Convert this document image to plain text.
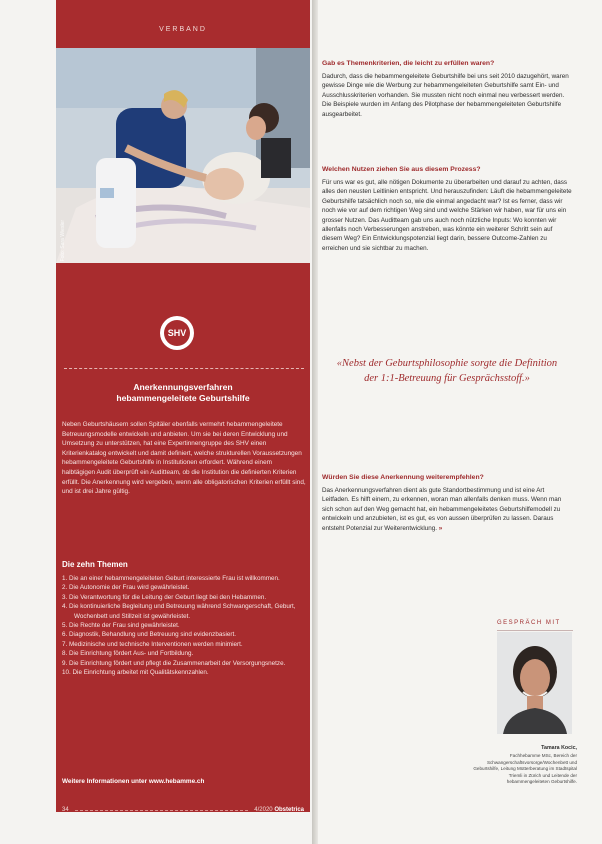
VERBAND
Foto: Sara Wiesler
SHV
Anerkennungsverfahren
hebammengeleitete Geburtshilfe
Neben Geburtshäusern sollen Spitäler ebenfalls vermehrt hebammengeleitete Betreuungsmodelle entwickeln und anbieten. Um sie bei deren Entwicklung und Umsetzung zu unterstützen, hat eine Expertinnengruppe des SHV einen Kriterienkatalog entwickelt und damit definiert, welche strukturellen Voraussetzungen hebammengeleitete Geburtshilfe in Institutionen erfordert. Während einem halbtägigen Audit überprüft ein Auditteam, ob die Institution die definierten Kriterien erfüllt. Die Anerkennung wird vergeben, wenn alle obligatorischen Kriterien erfüllt sind, und ist drei Jahre gültig.
Die zehn Themen
1. Die an einer hebammengeleiteten Geburt interessierte Frau ist willkommen.
2. Die Autonomie der Frau wird gewährleistet.
3. Die Verantwortung für die Leitung der Geburt liegt bei den Hebammen.
4. Die kontinuierliche Begleitung und Betreuung während Schwangerschaft, Geburt, Wochenbett und Stillzeit ist gewährleistet.
5. Die Rechte der Frau sind gewährleistet.
6. Diagnostik, Behandlung und Betreuung sind evidenzbasiert.
7. Medizinische und technische Interventionen werden minimiert.
8. Die Einrichtung fördert Aus- und Fortbildung.
9. Die Einrichtung fördert und pflegt die Zusammenarbeit der Versorgungsnetze.
10. Die Einrichtung arbeitet mit Qualitätskennzahlen.
Weitere Informationen unter www.hebamme.ch
34	4/2020 Obstetrica
Gab es Themenkriterien, die leicht zu erfüllen waren?
Dadurch, dass die hebammengeleitete Geburtshilfe bei uns seit 2010 dazugehört, waren gewisse Dinge wie die Werbung zur hebammengeleiteten Geburtshilfe samt Ein- und Ausschlusskriterien vorhanden. Sie mussten nicht noch einmal neu verbessert werden. Die Beispiele wurden im Anfang des Pilotphase der hebammengeleiteten Geburtshilfe ausgearbeitet.
Welchen Nutzen ziehen Sie aus diesem Prozess?
Für uns war es gut, alle nötigen Dokumente zu überarbeiten und darauf zu achten, dass alles den neusten Leitlinien entspricht. Und herauszufinden: Läuft die hebammengeleitete Geburtshilfe tatsächlich noch so, wie die einmal angedacht war? Ist es ferner, dass wir noch wie vor auf dem richtigen Weg sind und welche Stärken wir haben, war für uns ein grosser Nutzen. Das Auditteam gab uns auch noch nützliche Inputs: Wo konnten wir allenfalls noch Verbesserungen anstreben, was könnte ein weiterer Schritt sein auf diesem Weg? Ein Entwicklungspotenzial liegt darin, bessere Outcome-Zahlen zu erreichen und sie sichtbar zu machen.
«Nebst der Geburtsphilosophie sorgte die Definition der 1:1-Betreuung für Gesprächsstoff.»
Würden Sie diese Anerkennung weiterempfehlen?
Das Anerkennungsverfahren dient als gute Standortbestimmung und ist eine Art Leitfaden. Es hilft einem, zu erkennen, woran man allenfalls denken muss. Wenn man sich schon auf den Weg gemacht hat, ein hebammengeleitetes Geburtshilfemodell zu entwickeln und anzubieten, ist es gut, es von aussen überprüfen zu lassen. Daraus entsteht Potenzial zur Weiterentwicklung. »
GESPRÄCH MIT
Tamara Kocic,
Fachhebamme MSc, Bereich der Schwangerschaftsvorsorge/Wochenbett und Geburtshilfe, Leitung Mütterberatung im Stadtspital Triemli in Zürich und Leitende der hebammengeleiteten Geburtshilfe.
